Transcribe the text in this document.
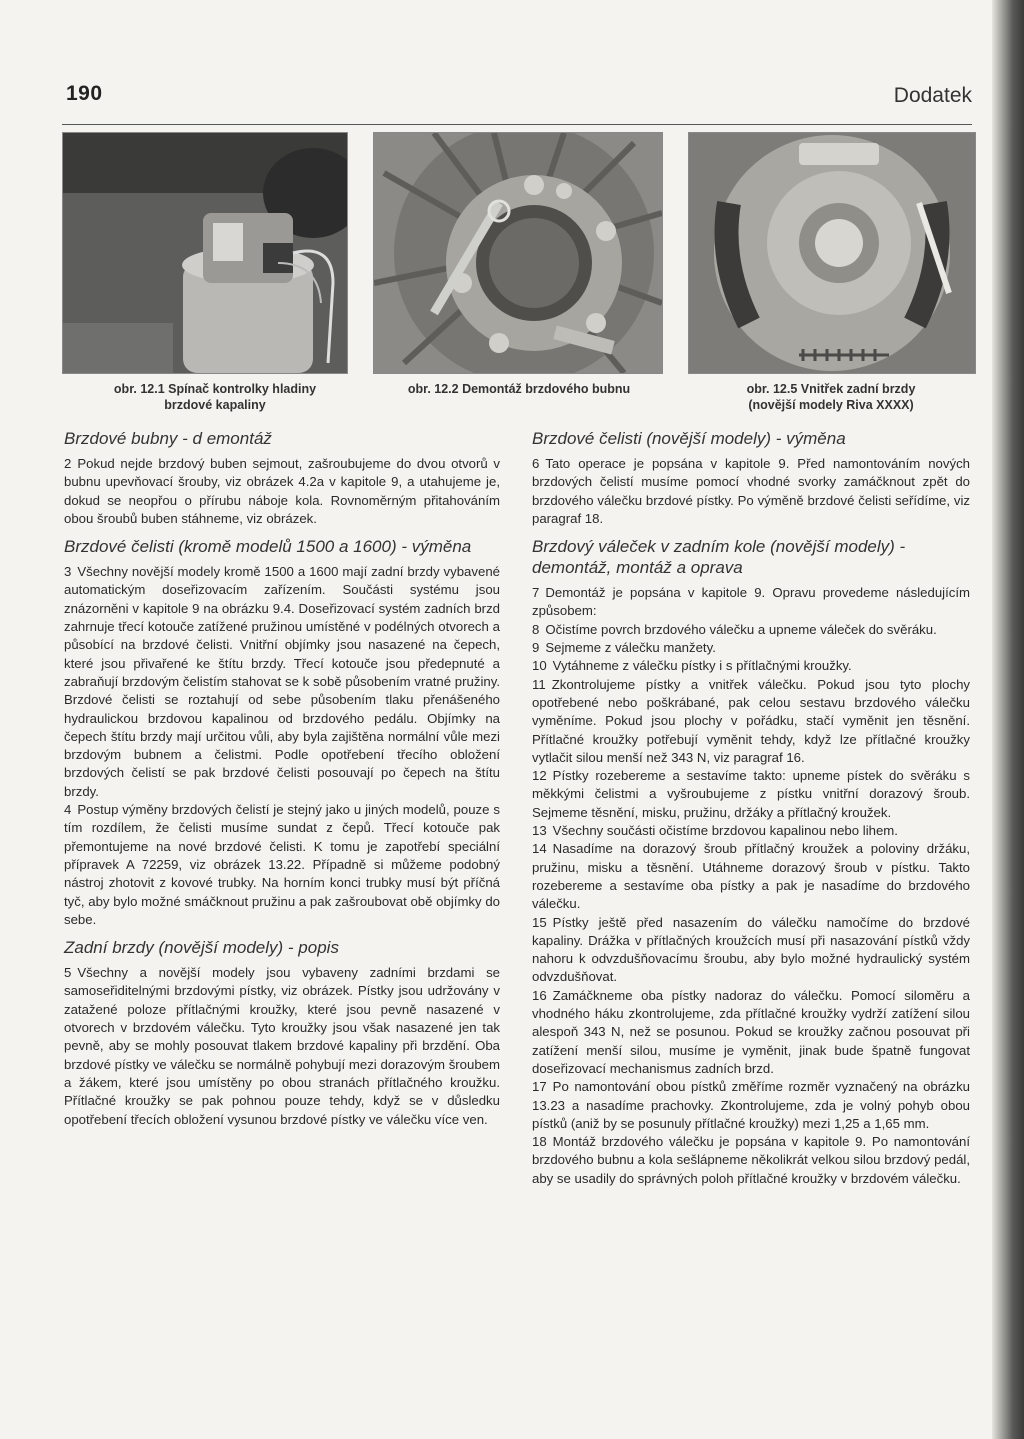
190	Dodatek
obr. 12.1 Spínač kontrolky hladiny
brzdové kapaliny
obr. 12.2 Demontáž brzdového bubnu	obr. 12.5 Vnitřek zadní brzdy
(novější modely Riva XXXX)
Brzdové bubny - d emontáž

2 Pokud nejde brzdový buben sejmout, zašroubujeme do dvou otvorů v bubnu upevňovací šrouby, viz obrázek 4.2a v kapitole 9, a utahujeme je, dokud se neopřou o přírubu náboje kola. Rovnoměrným přitahováním obou šroubů buben stáhneme, viz obrázek.

Brzdové čelisti (kromě modelů 1500 a 1600) - výměna

3 Všechny novější modely kromě 1500 a 1600 mají zadní brzdy vybavené automatickým doseřizovacím zařízením. Součásti systému jsou znázorněni v kapitole 9 na obrázku 9.4. Doseřizovací systém zadních brzd zahrnuje třecí kotouče zatížené pružinou umístěné v podélných otvorech a působící na brzdové čelisti. Vnitřní objímky jsou nasazené na čepech, které jsou přivařené ke štítu brzdy. Třecí kotouče jsou předepnuté a zabraňují brzdovým čelistím stahovat se k sobě působením vratné pružiny. Brzdové čelisti se roztahují od sebe působením tlaku přenášeného hydraulickou brzdovou kapalinou od brzdového pedálu. Objímky na čepech štítu brzdy mají určitou vůli, aby byla zajištěna normální vůle mezi brzdovým bubnem a čelistmi. Podle opotřebení třecího obložení brzdových čelistí se pak brzdové čelisti posouvají po čepech na štítu brzdy.

4 Postup výměny brzdových čelistí je stejný jako u jiných modelů, pouze s tím rozdílem, že čelisti musíme sundat z čepů. Třecí kotouče pak přemontujeme na nové brzdové čelisti. K tomu je zapotřebí speciální přípravek A 72259, viz obrázek 13.22. Případně si můžeme podobný nástroj zhotovit z kovové trubky. Na horním konci trubky musí být příčná tyč, aby bylo možné smáčknout pružinu a pak zašroubovat obě objímky do sebe.

Zadní brzdy (novější modely) - popis

5 Všechny a novější modely jsou vybaveny zadními brzdami se samoseřiditelnými brzdovými pístky, viz obrázek. Pístky jsou udržovány v zatažené poloze přítlačnými kroužky, které jsou pevně nasazené v otvorech v brzdovém válečku. Tyto kroužky jsou však nasazené jen tak pevně, aby se mohly posouvat tlakem brzdové kapaliny při brzdění. Oba brzdové pístky ve válečku se normálně pohybují mezi dorazovým šroubem a žákem, které jsou umístěny po obou stranách přítlačného kroužku. Přítlačné kroužky se pak pohnou pouze tehdy, když se v důsledku opotřebení třecích obložení vysunou brzdové pístky ve válečku více ven.

Brzdové čelisti (novější modely) - výměna

6 Tato operace je popsána v kapitole 9. Před namontováním nových brzdových čelistí musíme pomocí vhodné svorky zamáčknout zpět do brzdového válečku brzdové pístky. Po výměně brzdové čelisti seřídíme, viz paragraf 18.

Brzdový váleček v zadním kole (novější modely) - demontáž, montáž a oprava

7 Demontáž je popsána v kapitole 9. Opravu provedeme následujícím způsobem:

8 Očistíme povrch brzdového válečku a upneme váleček do svěráku.

9 Sejmeme z válečku manžety.

10 Vytáhneme z válečku pístky i s přítlačnými kroužky.

11 Zkontrolujeme pístky a vnitřek válečku. Pokud jsou tyto plochy opotřebené nebo poškrábané, pak celou sestavu brzdového válečku vyměníme. Pokud jsou plochy v pořádku, stačí vyměnit jen těsnění. Přítlačné kroužky potřebují vyměnit tehdy, když lze přítlačné kroužky vytlačit silou menší než 343 N, viz paragraf 16.

12 Pístky rozebereme a sestavíme takto: upneme pístek do svěráku s měkkými čelistmi a vyšroubujeme z pístku vnitřní dorazový šroub. Sejmeme těsnění, misku, pružinu, držáky a přítlačný kroužek.

13 Všechny součásti očistíme brzdovou kapalinou nebo lihem.

14 Nasadíme na dorazový šroub přítlačný kroužek a poloviny držáku, pružinu, misku a těsnění. Utáhneme dorazový šroub v pístku. Takto rozebereme a sestavíme oba pístky a pak je nasadíme do brzdového válečku.

15 Pístky ještě před nasazením do válečku namočíme do brzdové kapaliny. Drážka v přítlačných kroužcích musí při nasazování pístků vždy nahoru k odvzdušňovacímu šroubu, aby bylo možné hydraulický systém odvzdušňovat.

16 Zamáčkneme oba pístky nadoraz do válečku. Pomocí siloměru a vhodného háku zkontrolujeme, zda přítlačné kroužky vydrží zatížení silou alespoň 343 N, než se posunou. Pokud se kroužky začnou posouvat při zatížení menší silou, musíme je vyměnit, jinak bude špatně fungovat doseřizovací mechanismus zadních brzd.

17 Po namontování obou pístků změříme rozměr vyznačený na obrázku 13.23 a nasadíme prachovky. Zkontrolujeme, zda je volný pohyb obou pístků (aniž by se posunuly přítlačné kroužky) mezi 1,25 a 1,65 mm.

18 Montáž brzdového válečku je popsána v kapitole 9. Po namontování brzdového bubnu a kola sešlápneme několikrát velkou silou brzdový pedál, aby se usadily do správných poloh přítlačné kroužky v brzdovém válečku.
